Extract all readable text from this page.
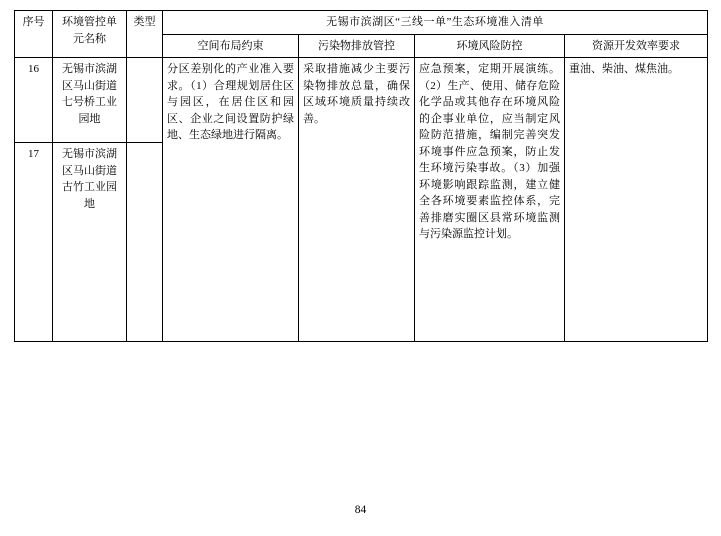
序号	环境管控单元名称	类型	无锡市滨湖区“三线一单”生态环境准入清单			
			空间布局约束	污染物排放管控	环境风险防控	资源开发效率要求
16	无锡市滨湖区马山街道七号桥工业园地		分区差别化的产业准入要求。（1）合理规划居住区与园区，在居住区和园区、企业之间设置防护绿地、生态绿地进行隔离。	采取措施减少主要污染物排放总量，确保区域环境质量持续改善。	应急预案，定期开展演练。（2）生产、使用、储存危险化学品或其他存在环境风险的企事业单位，应当制定风险防范措施，编制完善突发环境事件应急预案，防止发生环境污染事故。（3）加强环境影响跟踪监测，建立健全各环境要素监控体系，完善排磨实圈区县常环境监测与污染源监控计划。	重油、柴油、煤焦油。
17	无锡市滨湖区马山街道古竹工业园地					
84
